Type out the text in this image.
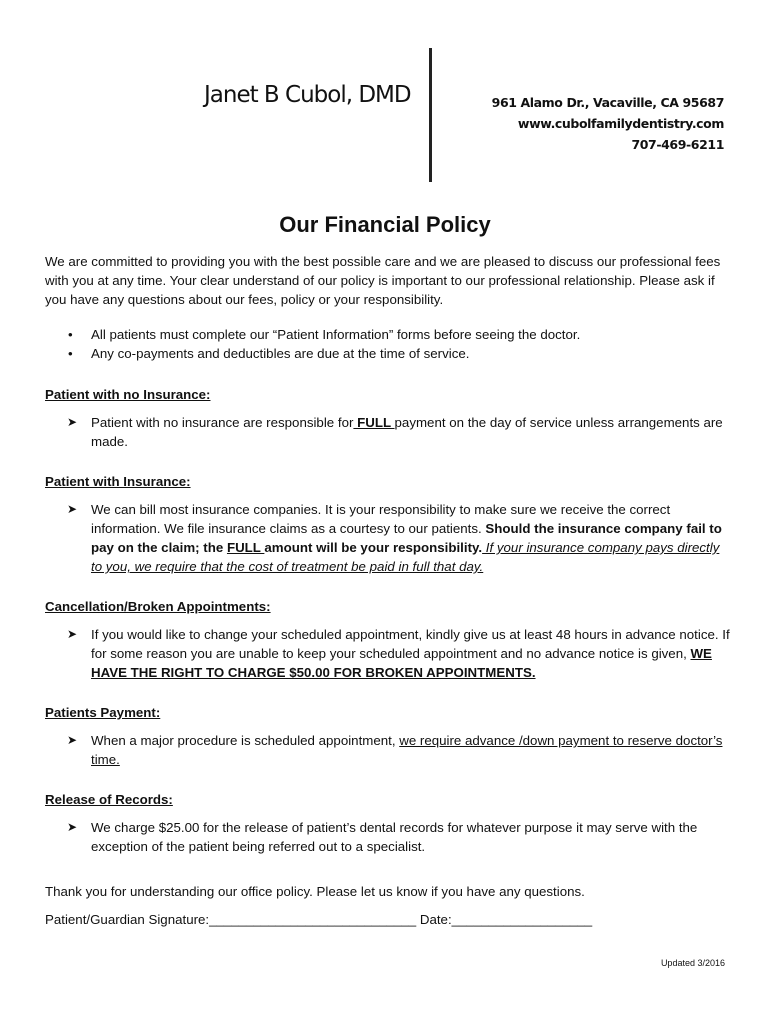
Janet B Cubol, DMD	961 Alamo Dr., Vacaville, CA 95687
www.cubolfamilydentistry.com
707-469-6211
Our Financial Policy

We are committed to providing you with the best possible care and we are pleased to discuss our professional fees with you at any time. Your clear understand of our policy is important to our professional relationship. Please ask if you have any questions about our fees, policy or your responsibility.

• All patients must complete our “Patient Information” forms before seeing the doctor.
• Any co-payments and deductibles are due at the time of service.

Patient with no Insurance:

➤ Patient with no insurance are responsible for FULL payment on the day of service unless arrangements are made.

Patient with Insurance:

➤ We can bill most insurance companies. It is your responsibility to make sure we receive the correct information. We file insurance claims as a courtesy to our patients. Should the insurance company fail to pay on the claim; the FULL amount will be your responsibility. If your insurance company pays directly to you, we require that the cost of treatment be paid in full that day.

Cancellation/Broken Appointments:

➤ If you would like to change your scheduled appointment, kindly give us at least 48 hours in advance notice. If for some reason you are unable to keep your scheduled appointment and no advance notice is given, WE HAVE THE RIGHT TO CHARGE $50.00 FOR BROKEN APPOINTMENTS.

Patients Payment:

➤ When a major procedure is scheduled appointment, we require advance /down payment to reserve doctor’s time.

Release of Records:

➤ We charge $25.00 for the release of patient’s dental records for whatever purpose it may serve with the exception of the patient being referred out to a specialist.

Thank you for understanding our office policy. Please let us know if you have any questions.

Patient/Guardian Signature:____________________________ Date:___________________

Updated 3/2016
